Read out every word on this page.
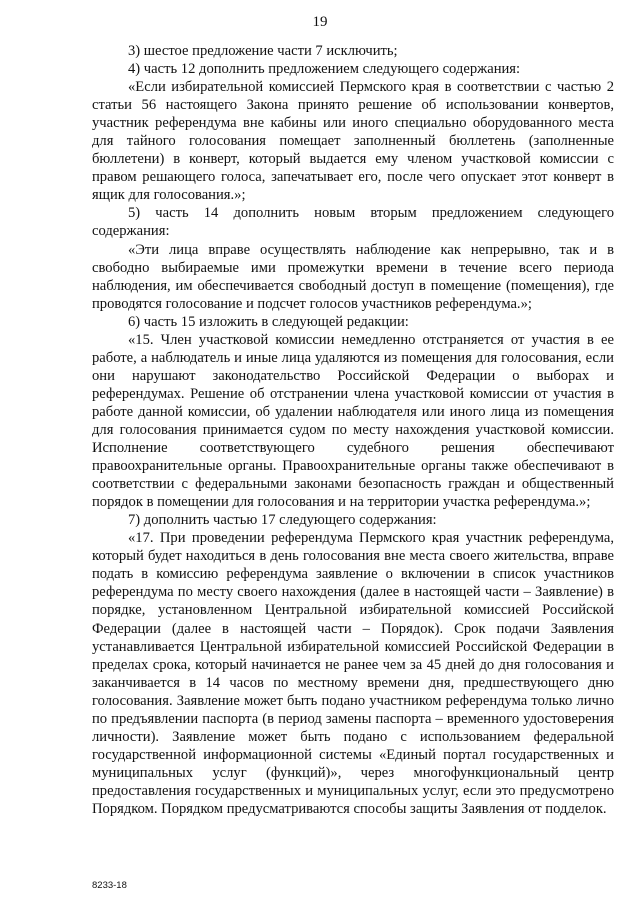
19

3) шестое предложение части 7 исключить;

4) часть 12 дополнить предложением следующего содержания:

«Если избирательной комиссией Пермского края в соответствии с частью 2 статьи 56 настоящего Закона принято решение об использовании конвертов, участник референдума вне кабины или иного специально оборудованного места для тайного голосования помещает заполненный бюллетень (заполненные бюллетени) в конверт, который выдается ему членом участковой комиссии с правом решающего голоса, запечатывает его, после чего опускает этот конверт в ящик для голосования.»;

5) часть 14 дополнить новым вторым предложением следующего содержания:

«Эти лица вправе осуществлять наблюдение как непрерывно, так и в свободно выбираемые ими промежутки времени в течение всего периода наблюдения, им обеспечивается свободный доступ в помещение (помещения), где проводятся голосование и подсчет голосов участников референдума.»;

6) часть 15 изложить в следующей редакции:

«15. Член участковой комиссии немедленно отстраняется от участия в ее работе, а наблюдатель и иные лица удаляются из помещения для голосования, если они нарушают законодательство Российской Федерации о выборах и референдумах. Решение об отстранении члена участковой комиссии от участия в работе данной комиссии, об удалении наблюдателя или иного лица из помещения для голосования принимается судом по месту нахождения участковой комиссии. Исполнение соответствующего судебного решения обеспечивают правоохранительные органы. Правоохранительные органы также обеспечивают в соответствии с федеральными законами безопасность граждан и общественный порядок в помещении для голосования и на территории участка референдума.»;

7) дополнить частью 17 следующего содержания:

«17. При проведении референдума Пермского края участник референдума, который будет находиться в день голосования вне места своего жительства, вправе подать в комиссию референдума заявление о включении в список участников референдума по месту своего нахождения (далее в настоящей части – Заявление) в порядке, установленном Центральной избирательной комиссией Российской Федерации (далее в настоящей части – Порядок). Срок подачи Заявления устанавливается Центральной избирательной комиссией Российской Федерации в пределах срока, который начинается не ранее чем за 45 дней до дня голосования и заканчивается в 14 часов по местному времени дня, предшествующего дню голосования. Заявление может быть подано участником референдума только лично по предъявлении паспорта (в период замены паспорта – временного удостоверения личности). Заявление может быть подано с использованием федеральной государственной информационной системы «Единый портал государственных и муниципальных услуг (функций)», через многофункциональный центр предоставления государственных и муниципальных услуг, если это предусмотрено Порядком. Порядком предусматриваются способы защиты Заявления от подделок.

8233-18
